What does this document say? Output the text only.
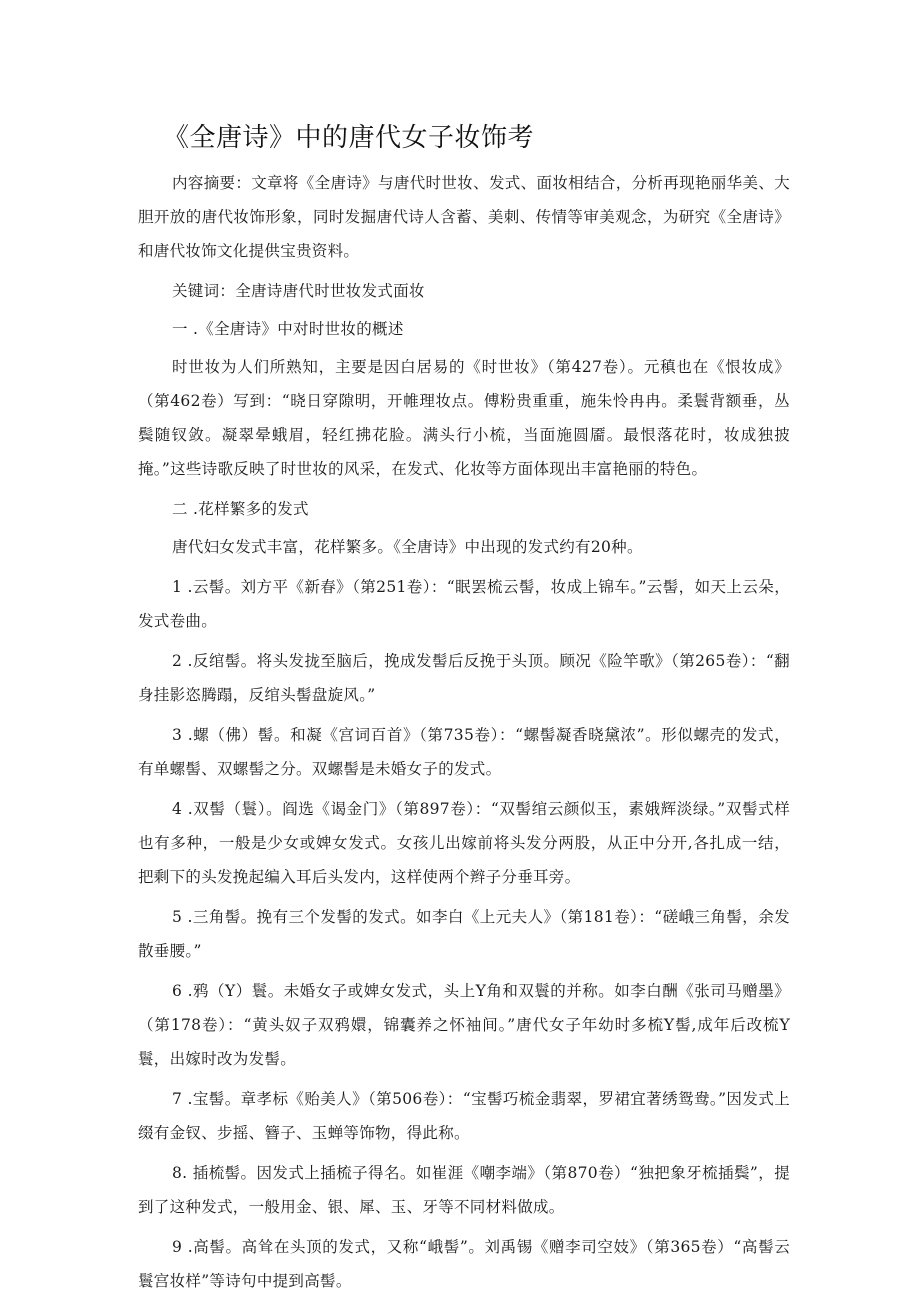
《全唐诗》中的唐代女子妆饰考

内容摘要：文章将《全唐诗》与唐代时世妆、发式、面妆相结合，分析再现艳丽华美、大胆开放的唐代妆饰形象，同时发掘唐代诗人含蓄、美刺、传情等审美观念，为研究《全唐诗》和唐代妆饰文化提供宝贵资料。

关键词：全唐诗唐代时世妆发式面妆

一 .《全唐诗》中对时世妆的概述

时世妆为人们所熟知，主要是因白居易的《时世妆》（第427卷）。元稹也在《恨妆成》（第462卷）写到：“晓日穿隙明，开帷理妆点。傅粉贵重重，施朱怜冉冉。柔鬟背额垂，丛鬓随钗敛。凝翠晕蛾眉，轻红拂花脸。满头行小梳，当面施圆靥。最恨落花时，妆成独披掩。”这些诗歌反映了时世妆的风采，在发式、化妆等方面体现出丰富艳丽的特色。

二 .花样繁多的发式

唐代妇女发式丰富，花样繁多。《全唐诗》中出现的发式约有20种。

1 .云髻。刘方平《新春》（第251卷）：“眠罢梳云髻，妆成上锦车。”云髻，如天上云朵，发式卷曲。

2 .反绾髻。将头发拢至脑后，挽成发髻后反挽于头顶。顾况《险竿歌》（第265卷）：“翻身挂影恣腾蹋，反绾头髻盘旋风。”

3 .螺（佛）髻。和凝《宫词百首》（第735卷）：“螺髻凝香晓黛浓”。形似螺壳的发式，有单螺髻、双螺髻之分。双螺髻是未婚女子的发式。

4 .双髻（鬟）。阎选《谒金门》（第897卷）：“双髻绾云颜似玉，素娥辉淡绿。”双髻式样也有多种，一般是少女或婢女发式。女孩儿出嫁前将头发分两股，从正中分开,各扎成一结，把剩下的头发挽起编入耳后头发内，这样使两个辫子分垂耳旁。

5 .三角髻。挽有三个发髻的发式。如李白《上元夫人》（第181卷）：“磋峨三角髻，余发散垂腰。”

6 .鸦（Y）鬟。未婚女子或婢女发式，头上Y角和双鬟的并称。如李白酬《张司马赠墨》（第178卷）：“黄头奴子双鸦嬛，锦囊养之怀袖间。”唐代女子年幼时多梳Y髻,成年后改梳Y鬟，出嫁时改为发髻。

7 .宝髻。章孝标《贻美人》（第506卷）：“宝髻巧梳金翡翠，罗裙宜著绣鸳鸯。”因发式上缀有金钗、步摇、簪子、玉蝉等饰物，得此称。

8. 插梳髻。因发式上插梳子得名。如崔涯《嘲李端》（第870卷）“独把象牙梳插鬓”，提到了这种发式，一般用金、银、犀、玉、牙等不同材料做成。

9 .高髻。高耸在头顶的发式，又称“峨髻”。刘禹锡《赠李司空妓》（第365卷）“高髻云鬟宫妆样”等诗句中提到高髻。
